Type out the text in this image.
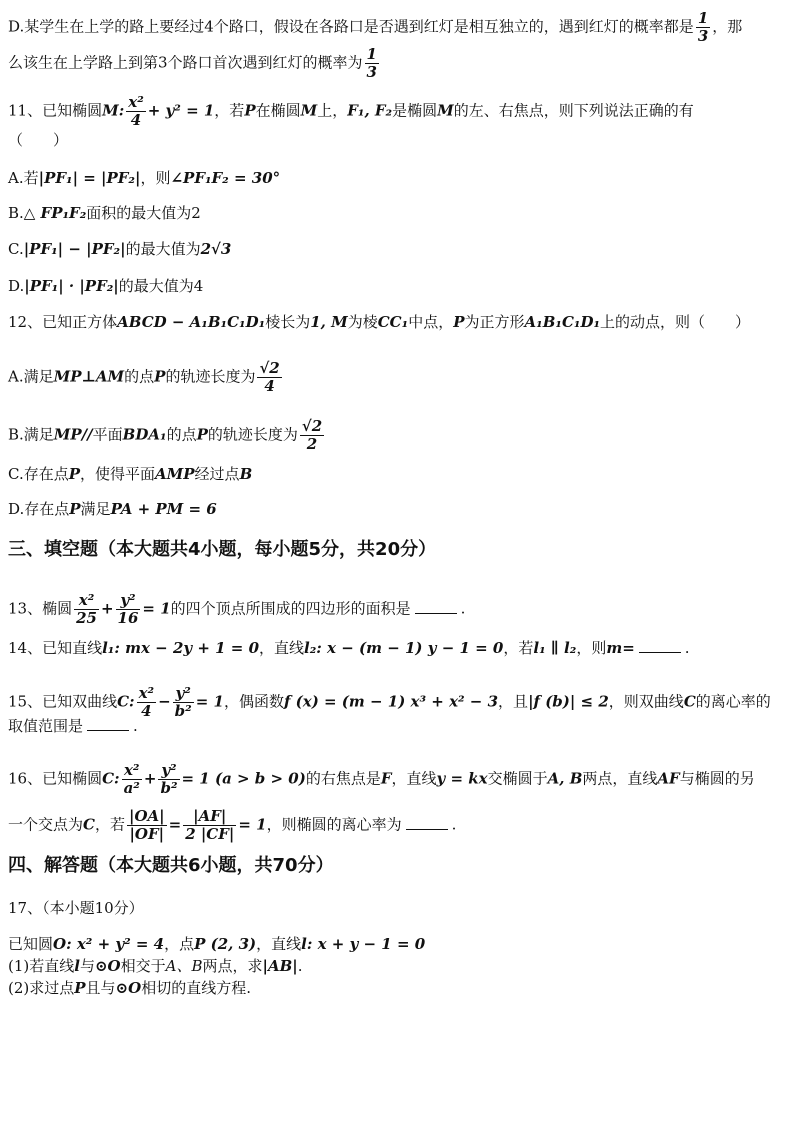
D.某学生在上学的路上要经过4个路口，假设在各路口是否遇到红灯是相互独立的，遇到红灯的概率都是 $\frac{1}{3}$ ，那
么该生在上学路上到第3个路口首次遇到红灯的概率为 $\frac{1}{3}$
11、已知椭圆M: $\frac{\text{x²}}{4} + y^2 = 1$，若P在椭圆M上，F₁, F₂是椭圆M的左、右焦点，则下列说法正确的有
（　　）
A.若|PF₁| = |PF₂|，则∠PF₁F₂ = 30°
B.△ FP₁F₂面积的最大值为2
C.|PF₁| − |PF₂|的最大值为2√3
D.|PF₁| · |PF₂|的最大值为4
12、已知正方体ABCD − A₁B₁C₁D₁棱长为1, M为棱CC₁中点，P为正方形A₁B₁C₁D₁上的动点，则（　　）
A.满足MP⊥AM的点P的轨迹长度为 $\frac{√2}{4}$
B.满足MP//平面BDA₁的点P的轨迹长度为 $\frac{√2}{2}$
C.存在点P，使得平面AMP经过点B
D.存在点P满足PA + PM = 6
三、填空题（本大题共4小题，每小题5分，共20分）
13、椭圆 $\frac{\text{x²}}{25} + \frac{\text{y²}}{16} = 1$的四个顶点所围成的四边形的面积是	.
14、已知直线l₁: mx − 2y + 1 = 0，直线l₂: x − (m − 1) y − 1 = 0，若l₁ ∥ l₂，则m=	.
15、已知双曲线C: $\frac{\text{x²}}{4} - \frac{\text{y²}}{\text{b²}} = 1$，偶函数f (x) = (m − 1) x³ + x² − 3，且|f (b)| ≤ 2，则双曲线C的离心率的
取值范围是	.
16、已知椭圆C: $\frac{\text{x²}}{\text{a²}} + \frac{\text{y²}}{\text{b²}} = 1$ (a > b > 0)的右焦点是F，直线y = kx交椭圆于A, B两点，直线AF与椭圆的另
一个交点为C，若 $\frac{|OA|}{|OF|} = \frac{|AF|}{2 |CF|} = 1$，则椭圆的离心率为	.
四、解答题（本大题共6小题，共70分）
17、（本小题10分）
已知圆O: x² + y² = 4，点P (2, 3)，直线l: x + y − 1 = 0
(1)若直线l与⊙O相交于A、B两点，求|AB|.
(2)求过点P且与⊙O相切的直线方程.
